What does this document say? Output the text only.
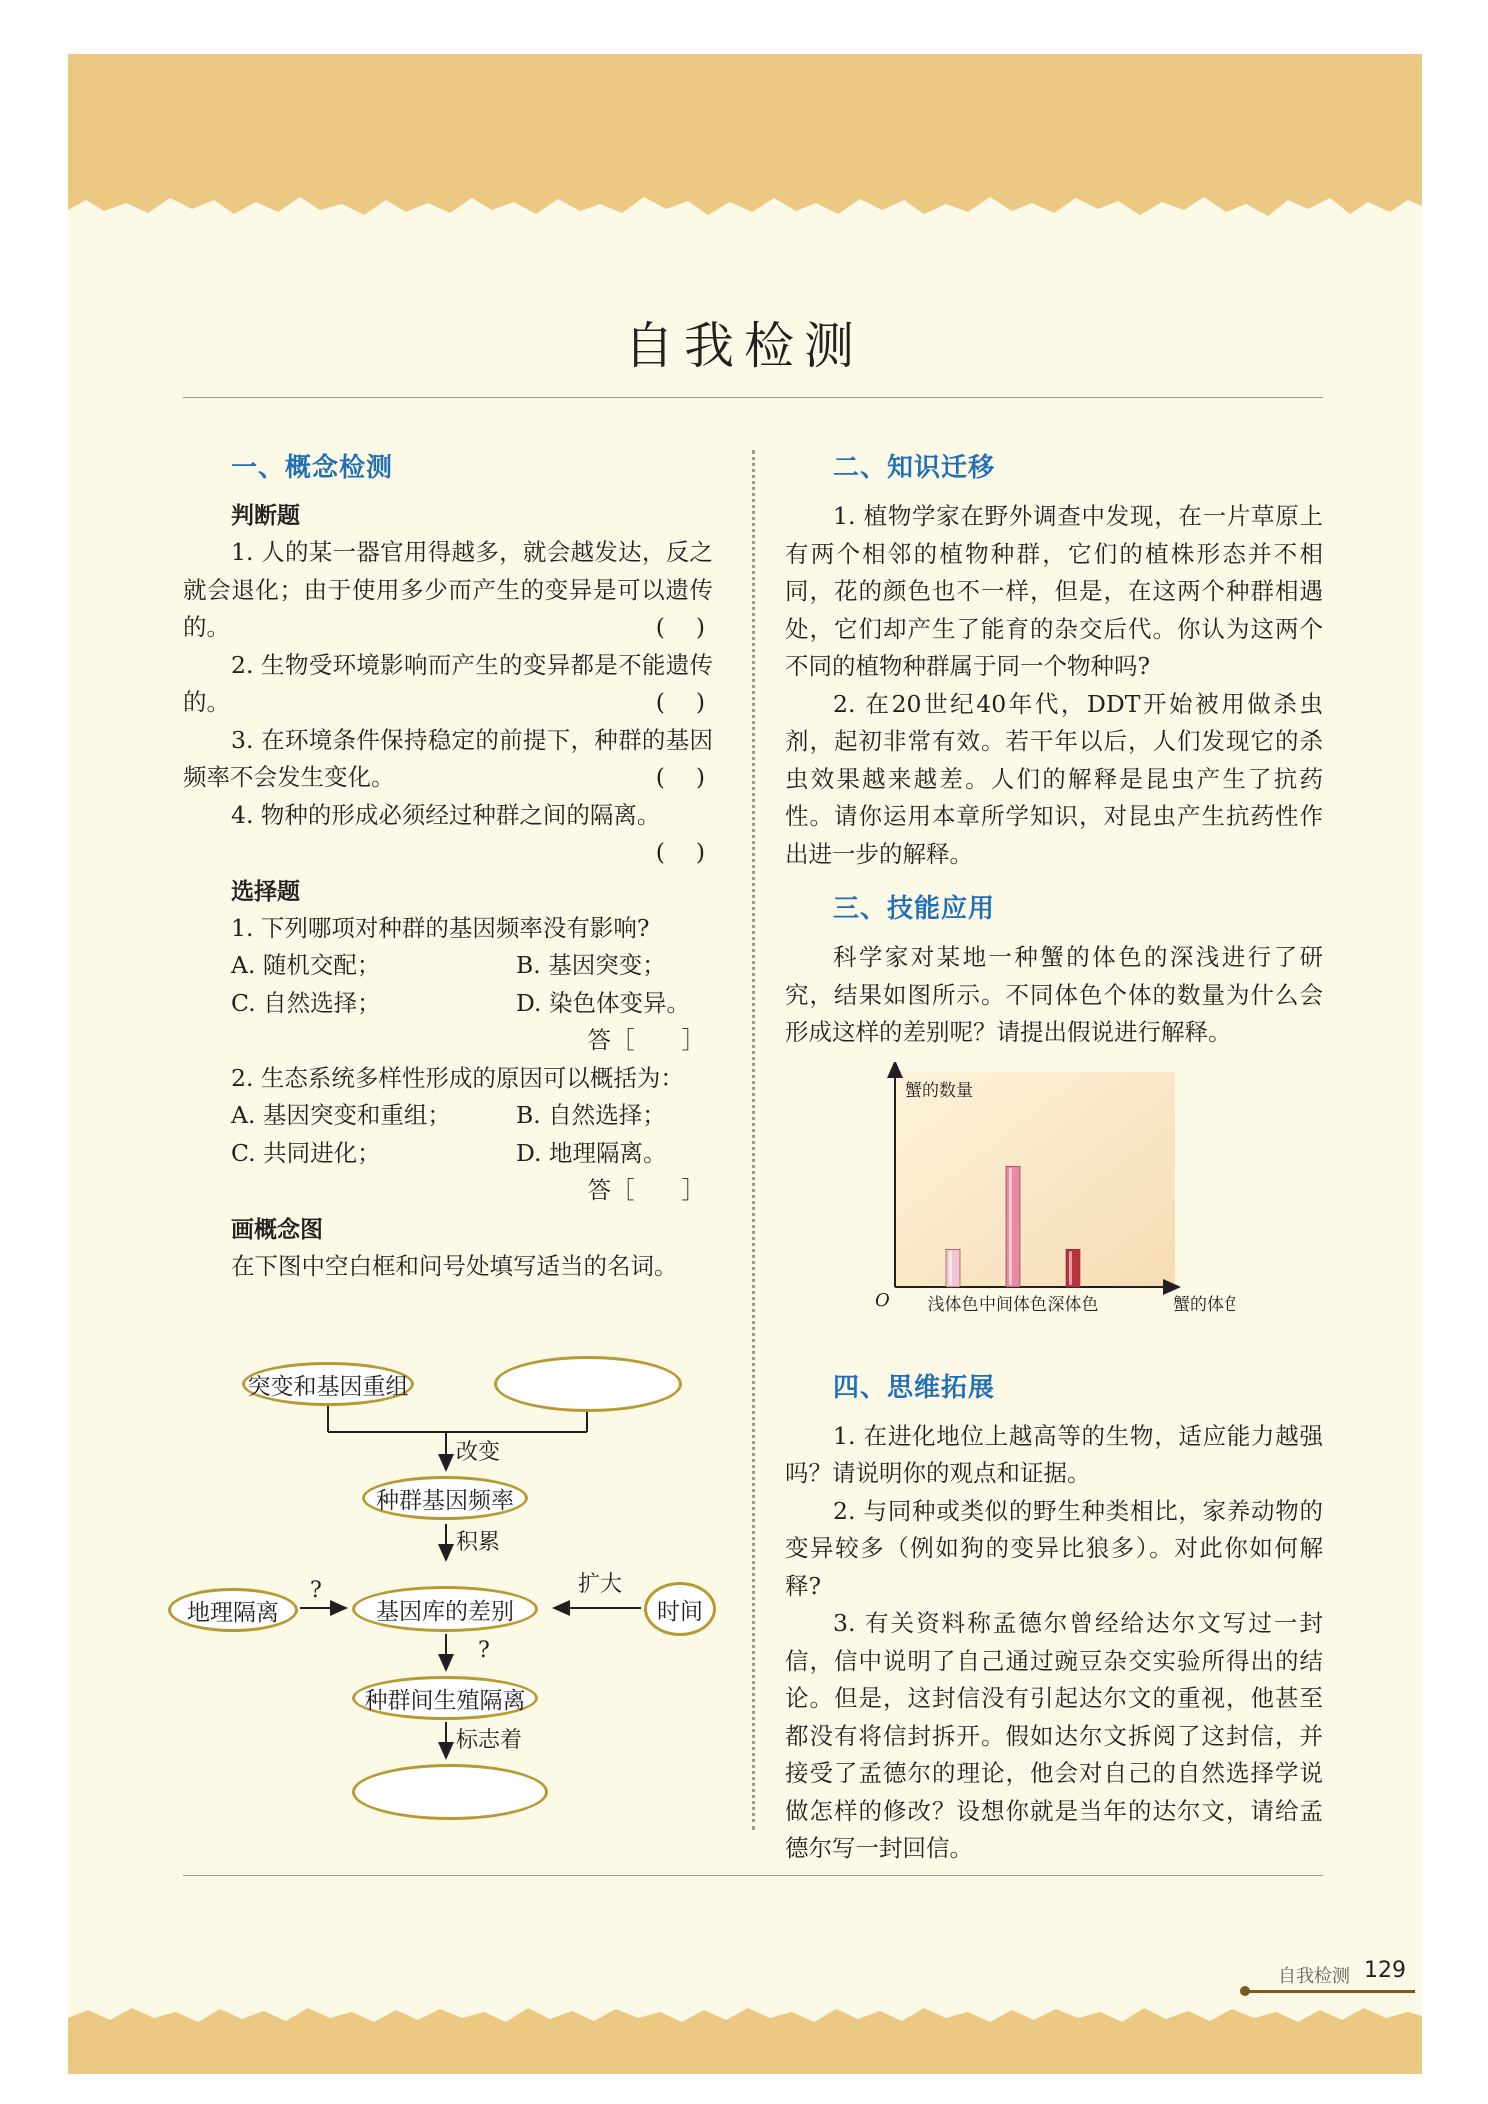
自我检测
一、概念检测
判断题

1. 人的某一器官用得越多，就会越发达，反之就会退化；由于使用多少而产生的变异是可以遗传的。	(　 )

2. 生物受环境影响而产生的变异都是不能遗传的。	(　 )

3. 在环境条件保持稳定的前提下，种群的基因频率不会发生变化。	(　 )

4. 物种的形成必须经过种群之间的隔离。

(　 )

选择题

1. 下列哪项对种群的基因频率没有影响?

A. 随机交配；	B. 基因突变；
C. 自然选择；	D. 染色体变异。

答［　　］

2. 生态系统多样性形成的原因可以概括为：

A. 基因突变和重组；	B. 自然选择；
C. 共同进化；	D. 地理隔离。

答［　　］

画概念图

在下图中空白框和问号处填写适当的名词。

突变和基因重组
种群基因频率
基因库的差别
地理隔离	时间
种群间生殖隔离
改变
积累
扩大
?
?
标志着
二、知识迁移

1. 植物学家在野外调查中发现，在一片草原上有两个相邻的植物种群，它们的植株形态并不相同，花的颜色也不一样，但是，在这两个种群相遇处，它们却产生了能育的杂交后代。你认为这两个不同的植物种群属于同一个物种吗?

2. 在20世纪40年代，DDT开始被用做杀虫剂，起初非常有效。若干年以后，人们发现它的杀虫效果越来越差。人们的解释是昆虫产生了抗药性。请你运用本章所学知识，对昆虫产生抗药性作出进一步的解释。

三、技能应用

科学家对某地一种蟹的体色的深浅进行了研究，结果如图所示。不同体色个体的数量为什么会形成这样的差别呢？请提出假说进行解释。

四、思维拓展

1. 在进化地位上越高等的生物，适应能力越强吗？请说明你的观点和证据。

2. 与同种或类似的野生种类相比，家养动物的变异较多（例如狗的变异比狼多）。对此你如何解释?

3. 有关资料称孟德尔曾经给达尔文写过一封信，信中说明了自己通过豌豆杂交实验所得出的结论。但是，这封信没有引起达尔文的重视，他甚至都没有将信封拆开。假如达尔文拆阅了这封信，并接受了孟德尔的理论，他会对自己的自然选择学说做怎样的修改？设想你就是当年的达尔文，请给孟德尔写一封回信。

蟹的数量
蟹的体色
O 浅体色 中间体色 深体色
自我检测 129
